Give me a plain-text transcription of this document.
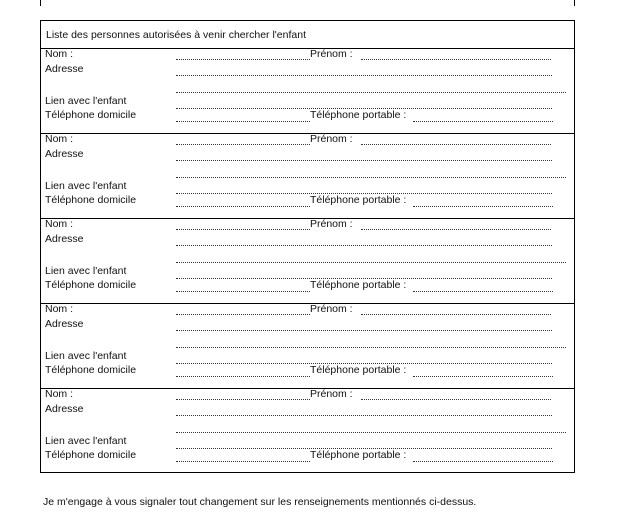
Liste des personnes autorisées à venir chercher l'enfant
Nom :	Prénom :
Adresse
Lien avec l'enfant
Téléphone domicile	Téléphone portable :
Nom :	Prénom :
Adresse
Lien avec l'enfant
Téléphone domicile	Téléphone portable :
Nom :	Prénom :
Adresse
Lien avec l'enfant
Téléphone domicile	Téléphone portable :
Nom :	Prénom :
Adresse
Lien avec l'enfant
Téléphone domicile	Téléphone portable :
Nom :	Prénom :
Adresse
Lien avec l'enfant
Téléphone domicile	Téléphone portable :
Je m'engage à vous signaler tout changement sur les renseignements mentionnés ci-dessus.
